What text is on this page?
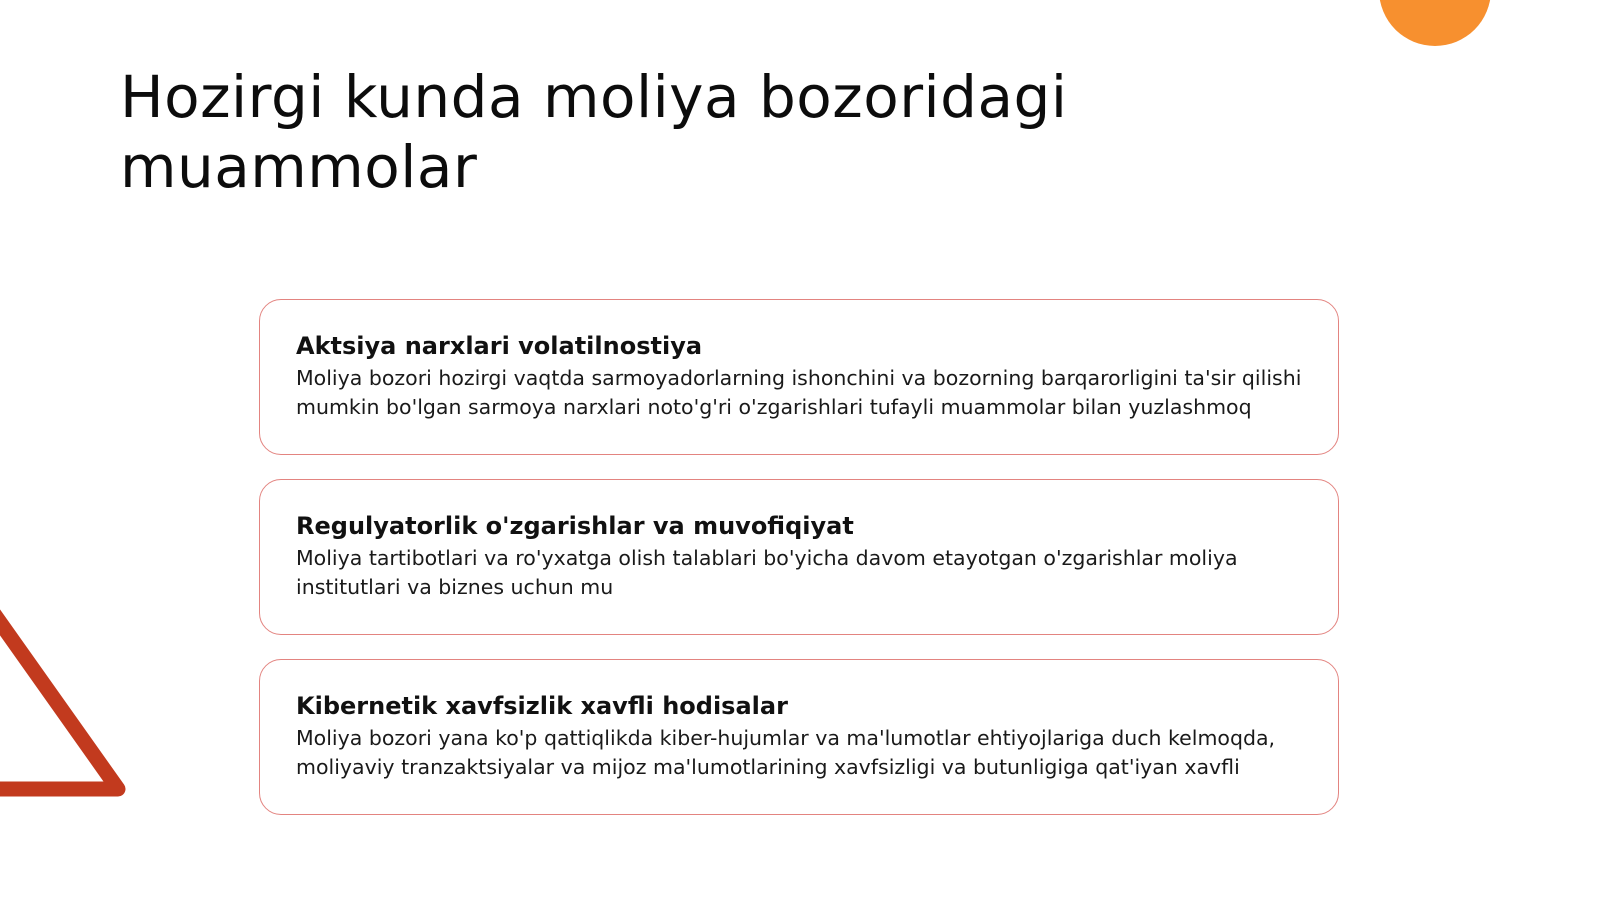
Hozirgi kunda moliya bozoridagi muammolar
Aktsiya narxlari volatilnostiya
Moliya bozori hozirgi vaqtda sarmoyadorlarning ishonchini va bozorning barqarorligini ta'sir qilishi mumkin bo'lgan sarmoya narxlari noto'g'ri o'zgarishlari tufayli muammolar bilan yuzlashmoq
Regulyatorlik o'zgarishlar va muvofiqiyat
Moliya tartibotlari va ro'yxatga olish talablari bo'yicha davom etayotgan o'zgarishlar moliya institutlari va biznes uchun mu
Kibernetik xavfsizlik xavfli hodisalar
Moliya bozori yana ko'p qattiqlikda kiber-hujumlar va ma'lumotlar ehtiyojlariga duch kelmoqda, moliyaviy tranzaktsiyalar va mijoz ma'lumotlarining xavfsizligi va butunligiga qat'iyan xavfli
